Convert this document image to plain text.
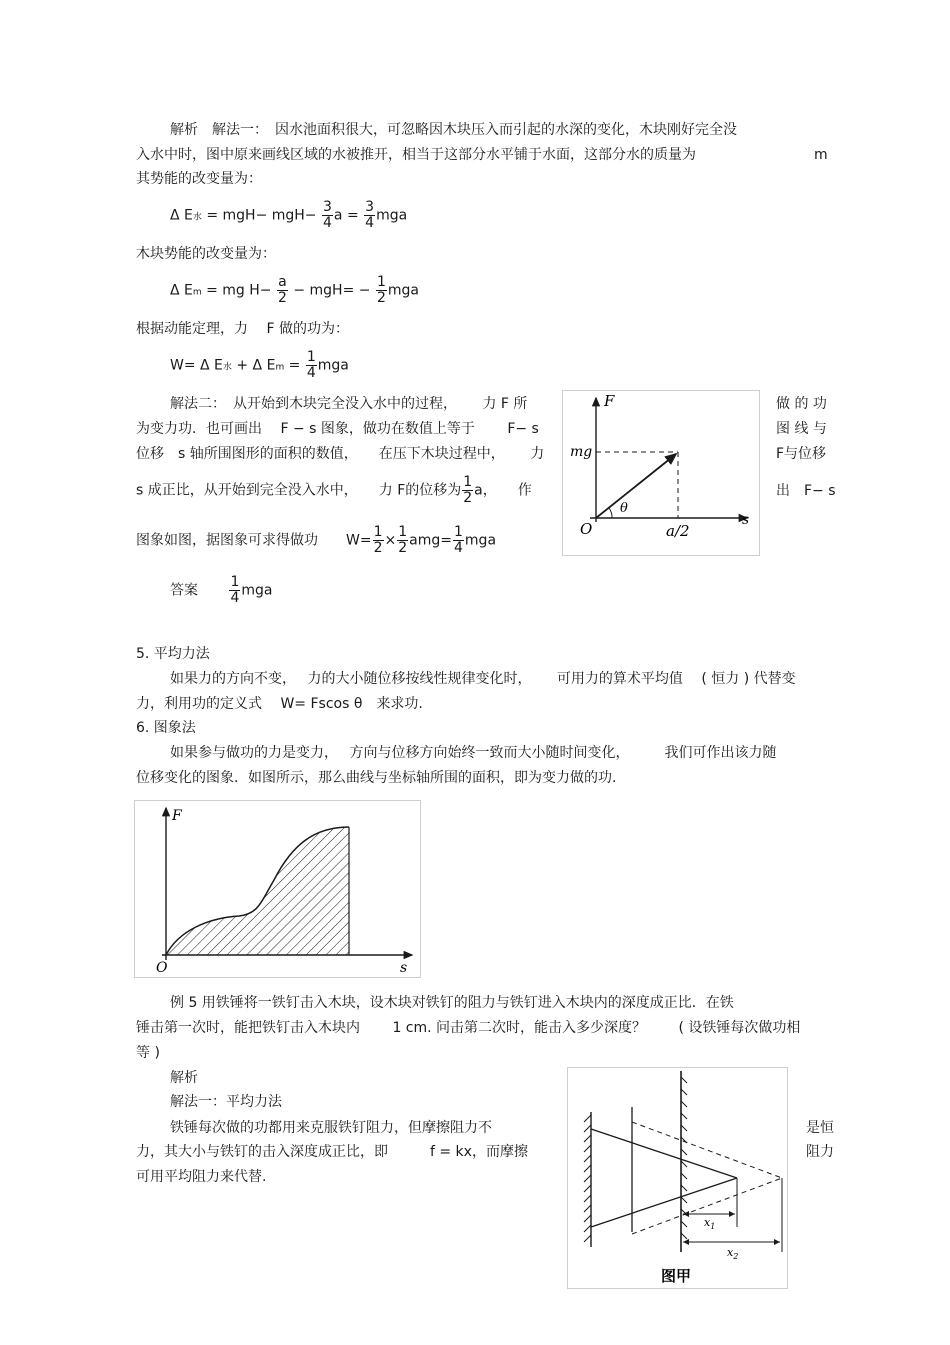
解析　解法一：　因水池面积很大，可忽略因木块压入而引起的水深的变化，木块刚好完全没
入水中时，图中原来画线区域的水被推开，相当于这部分水平铺于水面，这部分水的质量为	m
其势能的改变量为：
Δ E水 = $mgH- mgH- \frac{3}{4}$ $a = \frac{3}{4}$ mga
木块势能的改变量为：
Δ Em = mg $H- \frac{a}{2} - mgH= - \frac{1}{2}$ mga
根据动能定理，力　 F 做的功为：
W= Δ E水 + Δ $Em = \frac{1}{4}$ mga
解法二：　从开始到木块完全没入水中的过程，　　 力 F 所	做 的 功
为变力功．也可画出　 F − s 图象，做功在数值上等于　　 F− s	图 线 与
位移　s 轴所围图形的面积的数值，　　在压下木块过程中，　　 力	F与位移
s 成正比，从开始到完全没入水中，　　力 F的位移为 $\frac{1}{2}$ a，　　作	出　F− s
图象如图，据图象可求得做功　　$W= \frac{1}{2} \times \frac{1}{2} amg= \frac{1}{4}$ mga
答案 $\frac{1}{4}$ mga
F
mg
O
θ
a/2
s
5. 平均力法
如果力的方向不变，　 力的大小随位移按线性规律变化时，　　 可用力的算术平均值　 ( 恒力 ) 代替变
力，利用功的定义式　 W= Fscos θ　来求功.
6. 图象法
如果参与做功的力是变力，　 方向与位移方向始终一致而大小随时间变化，　　　我们可作出该力随
位移变化的图象．如图所示，那么曲线与坐标轴所围的面积，即为变力做的功.
F
O	s
例 5 用铁锤将一铁钉击入木块，设木块对铁钉的阻力与铁钉进入木块内的深度成正比．在铁
锤击第一次时，能把铁钉击入木块内　　 1 cm. 问击第二次时，能击入多少深度？　　 ( 设铁锤每次做功相
等 )
解析
解法一：平均力法
铁锤每次做的功都用来克服铁钉阻力，但摩擦阻力不	是恒
力，其大小与铁钉的击入深度成正比，即　　　f = kx，而摩擦	阻力
可用平均阻力来代替.
$x_1$
$x_2$
图甲
